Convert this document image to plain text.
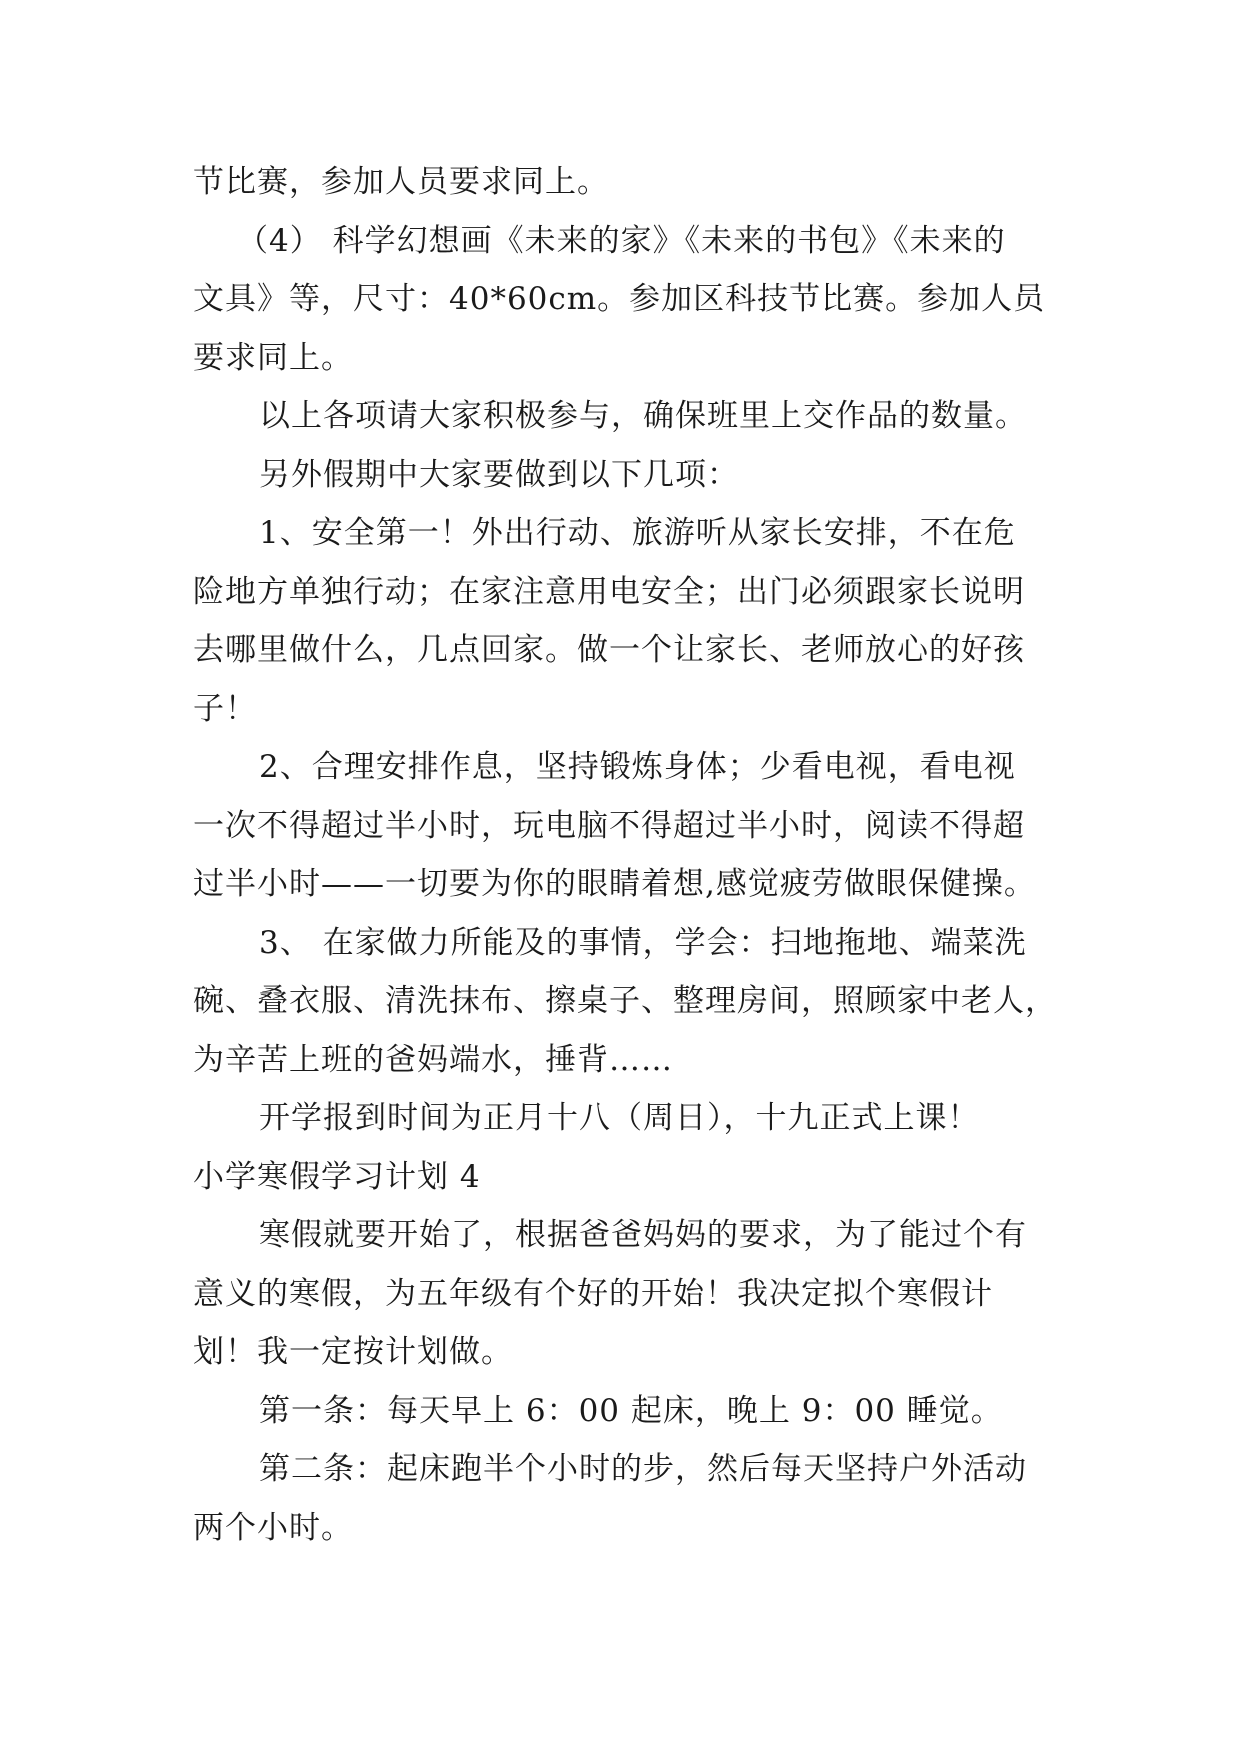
节比赛，参加人员要求同上。
（4） 科学幻想画《未来的家》《未来的书包》《未来的
文具》等，尺寸：40*60cm。参加区科技节比赛。参加人员
要求同上。
以上各项请大家积极参与，确保班里上交作品的数量。
另外假期中大家要做到以下几项：
1、安全第一！外出行动、旅游听从家长安排，不在危
险地方单独行动；在家注意用电安全；出门必须跟家长说明
去哪里做什么，几点回家。做一个让家长、老师放心的好孩
子！
2、合理安排作息，坚持锻炼身体；少看电视，看电视
一次不得超过半小时，玩电脑不得超过半小时，阅读不得超
过半小时——一切要为你的眼睛着想,感觉疲劳做眼保健操。
3、 在家做力所能及的事情，学会：扫地拖地、端菜洗
碗、叠衣服、清洗抹布、擦桌子、整理房间，照顾家中老人，
为辛苦上班的爸妈端水，捶背……
开学报到时间为正月十八（周日），十九正式上课！
小学寒假学习计划 4
寒假就要开始了，根据爸爸妈妈的要求，为了能过个有
意义的寒假，为五年级有个好的开始！我决定拟个寒假计
划！我一定按计划做。
第一条：每天早上 6：00 起床，晚上 9：00 睡觉。
第二条：起床跑半个小时的步，然后每天坚持户外活动
两个小时。
